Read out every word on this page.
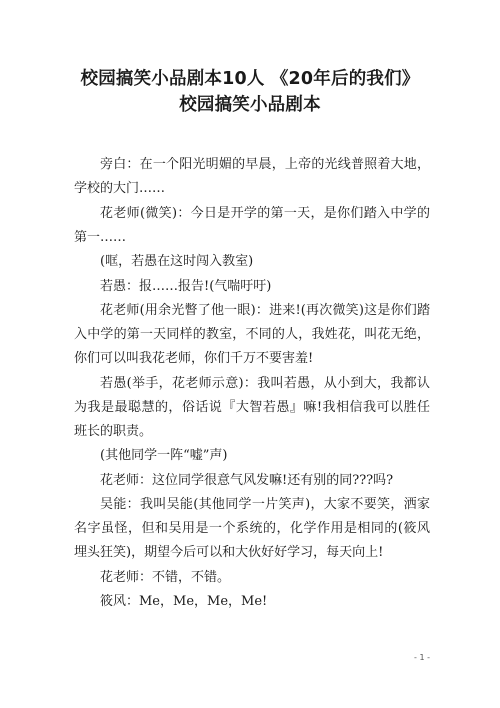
校园搞笑小品剧本10人 《20年后的我们》
校园搞笑小品剧本

旁白：在一个阳光明媚的早晨，上帝的光线普照着大地，学校的大门……

花老师(微笑)：今日是开学的第一天，是你们踏入中学的第一……

(哐，若愚在这时闯入教室)

若愚：报……报告!(气喘吁吁)

花老师(用余光瞥了他一眼)：进来!(再次微笑)这是你们踏入中学的第一天同样的教室，不同的人，我姓花，叫花无绝，你们可以叫我花老师，你们千万不要害羞!

若愚(举手，花老师示意)：我叫若愚，从小到大，我都认为我是最聪慧的，俗话说『大智若愚』嘛!我相信我可以胜任班长的职责。

(其他同学一阵“嘘”声)

花老师：这位同学很意气风发嘛!还有别的同???吗?

吴能：我叫吴能(其他同学一片笑声)，大家不要笑，洒家名字虽怪，但和吴用是一个系统的，化学作用是相同的(筱风埋头狂笑)，期望今后可以和大伙好好学习，每天向上!

花老师：不错，不错。

筱风：Me，Me，Me，Me!

- 1 -
